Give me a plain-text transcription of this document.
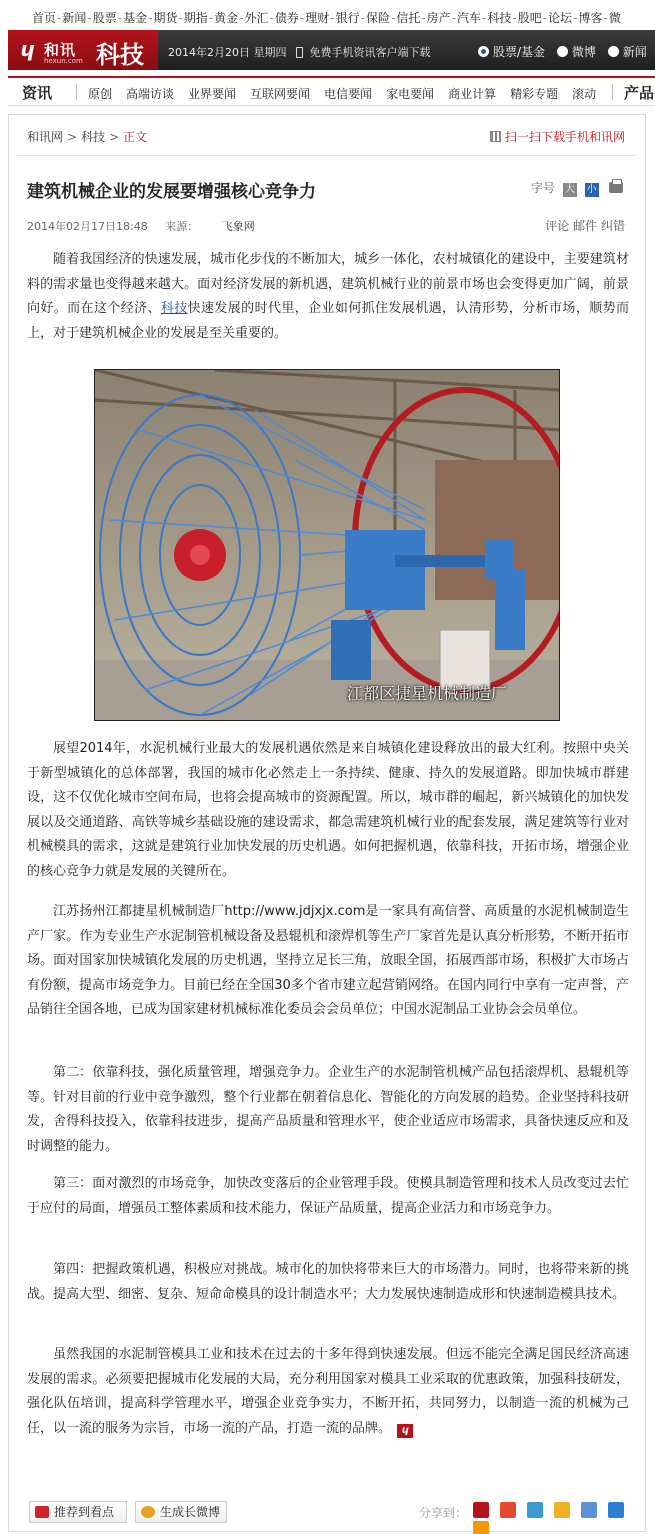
首页-新闻-股票-基金-期货-期指-黄金-外汇-债券-理财-银行-保险-信托-房产-汽车-科技-股吧-论坛-博客-微
ɥ 和讯
hexun.com 科技 2014年2月20日 星期四 免费手机资讯客户端下载	股票/基金 微博 新闻
资讯	原创 高端访谈 业界要闻 互联网要闻 电信要闻 家电要闻 商业计算 精彩专题 滚动	产品
和讯网 > 科技 > 正文	扫一扫下载手机和讯网
建筑机械企业的发展要增强核心竞争力	字号 大 小
2014年02月17日18:48 来源： 飞象网	评论 邮件 纠错

随着我国经济的快速发展，城市化步伐的不断加大，城乡一体化，农村城镇化的建设中，主要建筑材料的需求量也变得越来越大。面对经济发展的新机遇，建筑机械行业的前景市场也会变得更加广阔，前景向好。而在这个经济、科技快速发展的时代里，企业如何抓住发展机遇，认清形势，分析市场，顺势而上，对于建筑机械企业的发展是至关重要的。

江都区捷星机械制造厂

展望2014年，水泥机械行业最大的发展机遇依然是来自城镇化建设释放出的最大红利。按照中央关于新型城镇化的总体部署，我国的城市化必然走上一条持续、健康、持久的发展道路。即加快城市群建设，这不仅优化城市空间布局，也将会提高城市的资源配置。所以，城市群的崛起，新兴城镇化的加快发展以及交通道路、高铁等城乡基础设施的建设需求，都急需建筑机械行业的配套发展，满足建筑等行业对机械模具的需求，这就是建筑行业加快发展的历史机遇。如何把握机遇，依靠科技，开拓市场，增强企业的核心竞争力就是发展的关键所在。

江苏扬州江都捷星机械制造厂http://www.jdjxjx.com是一家具有高信誉、高质量的水泥机械制造生产厂家。作为专业生产水泥制管机械设备及悬辊机和滚焊机等生产厂家首先是认真分析形势，不断开拓市场。面对国家加快城镇化发展的历史机遇，坚持立足长三角，放眼全国，拓展西部市场，积极扩大市场占有份额，提高市场竞争力。目前已经在全国30多个省市建立起营销网络。在国内同行中享有一定声誉，产品销往全国各地，已成为国家建材机械标准化委员会会员单位；中国水泥制品工业协会会员单位。

第二：依靠科技，强化质量管理，增强竞争力。企业生产的水泥制管机械产品包括滚焊机、悬辊机等等。针对目前的行业中竞争激烈，整个行业都在朝着信息化、智能化的方向发展的趋势。企业坚持科技研发，舍得科技投入，依靠科技进步，提高产品质量和管理水平，使企业适应市场需求，具备快速反应和及时调整的能力。

第三：面对激烈的市场竞争，加快改变落后的企业管理手段。使模具制造管理和技术人员改变过去忙于应付的局面，增强员工整体素质和技术能力，保证产品质量，提高企业活力和市场竞争力。

第四：把握政策机遇，积极应对挑战。城市化的加快将带来巨大的市场潜力。同时，也将带来新的挑战。提高大型、细密、复杂、短命命模具的设计制造水平；大力发展快速制造成形和快速制造模具技术。

虽然我国的水泥制管模具工业和技术在过去的十多年得到快速发展。但远不能完全满足国民经济高速发展的需求。必须要把握城市化发展的大局，充分利用国家对模具工业采取的优惠政策，加强科技研发，强化队伍培训，提高科学管理水平，增强企业竞争实力，不断开拓，共同努力，以制造一流的机械为己任，以一流的服务为宗旨，市场一流的产品，打造一流的品牌。 ɥ

推荐到看点	生成长微博	分享到：
